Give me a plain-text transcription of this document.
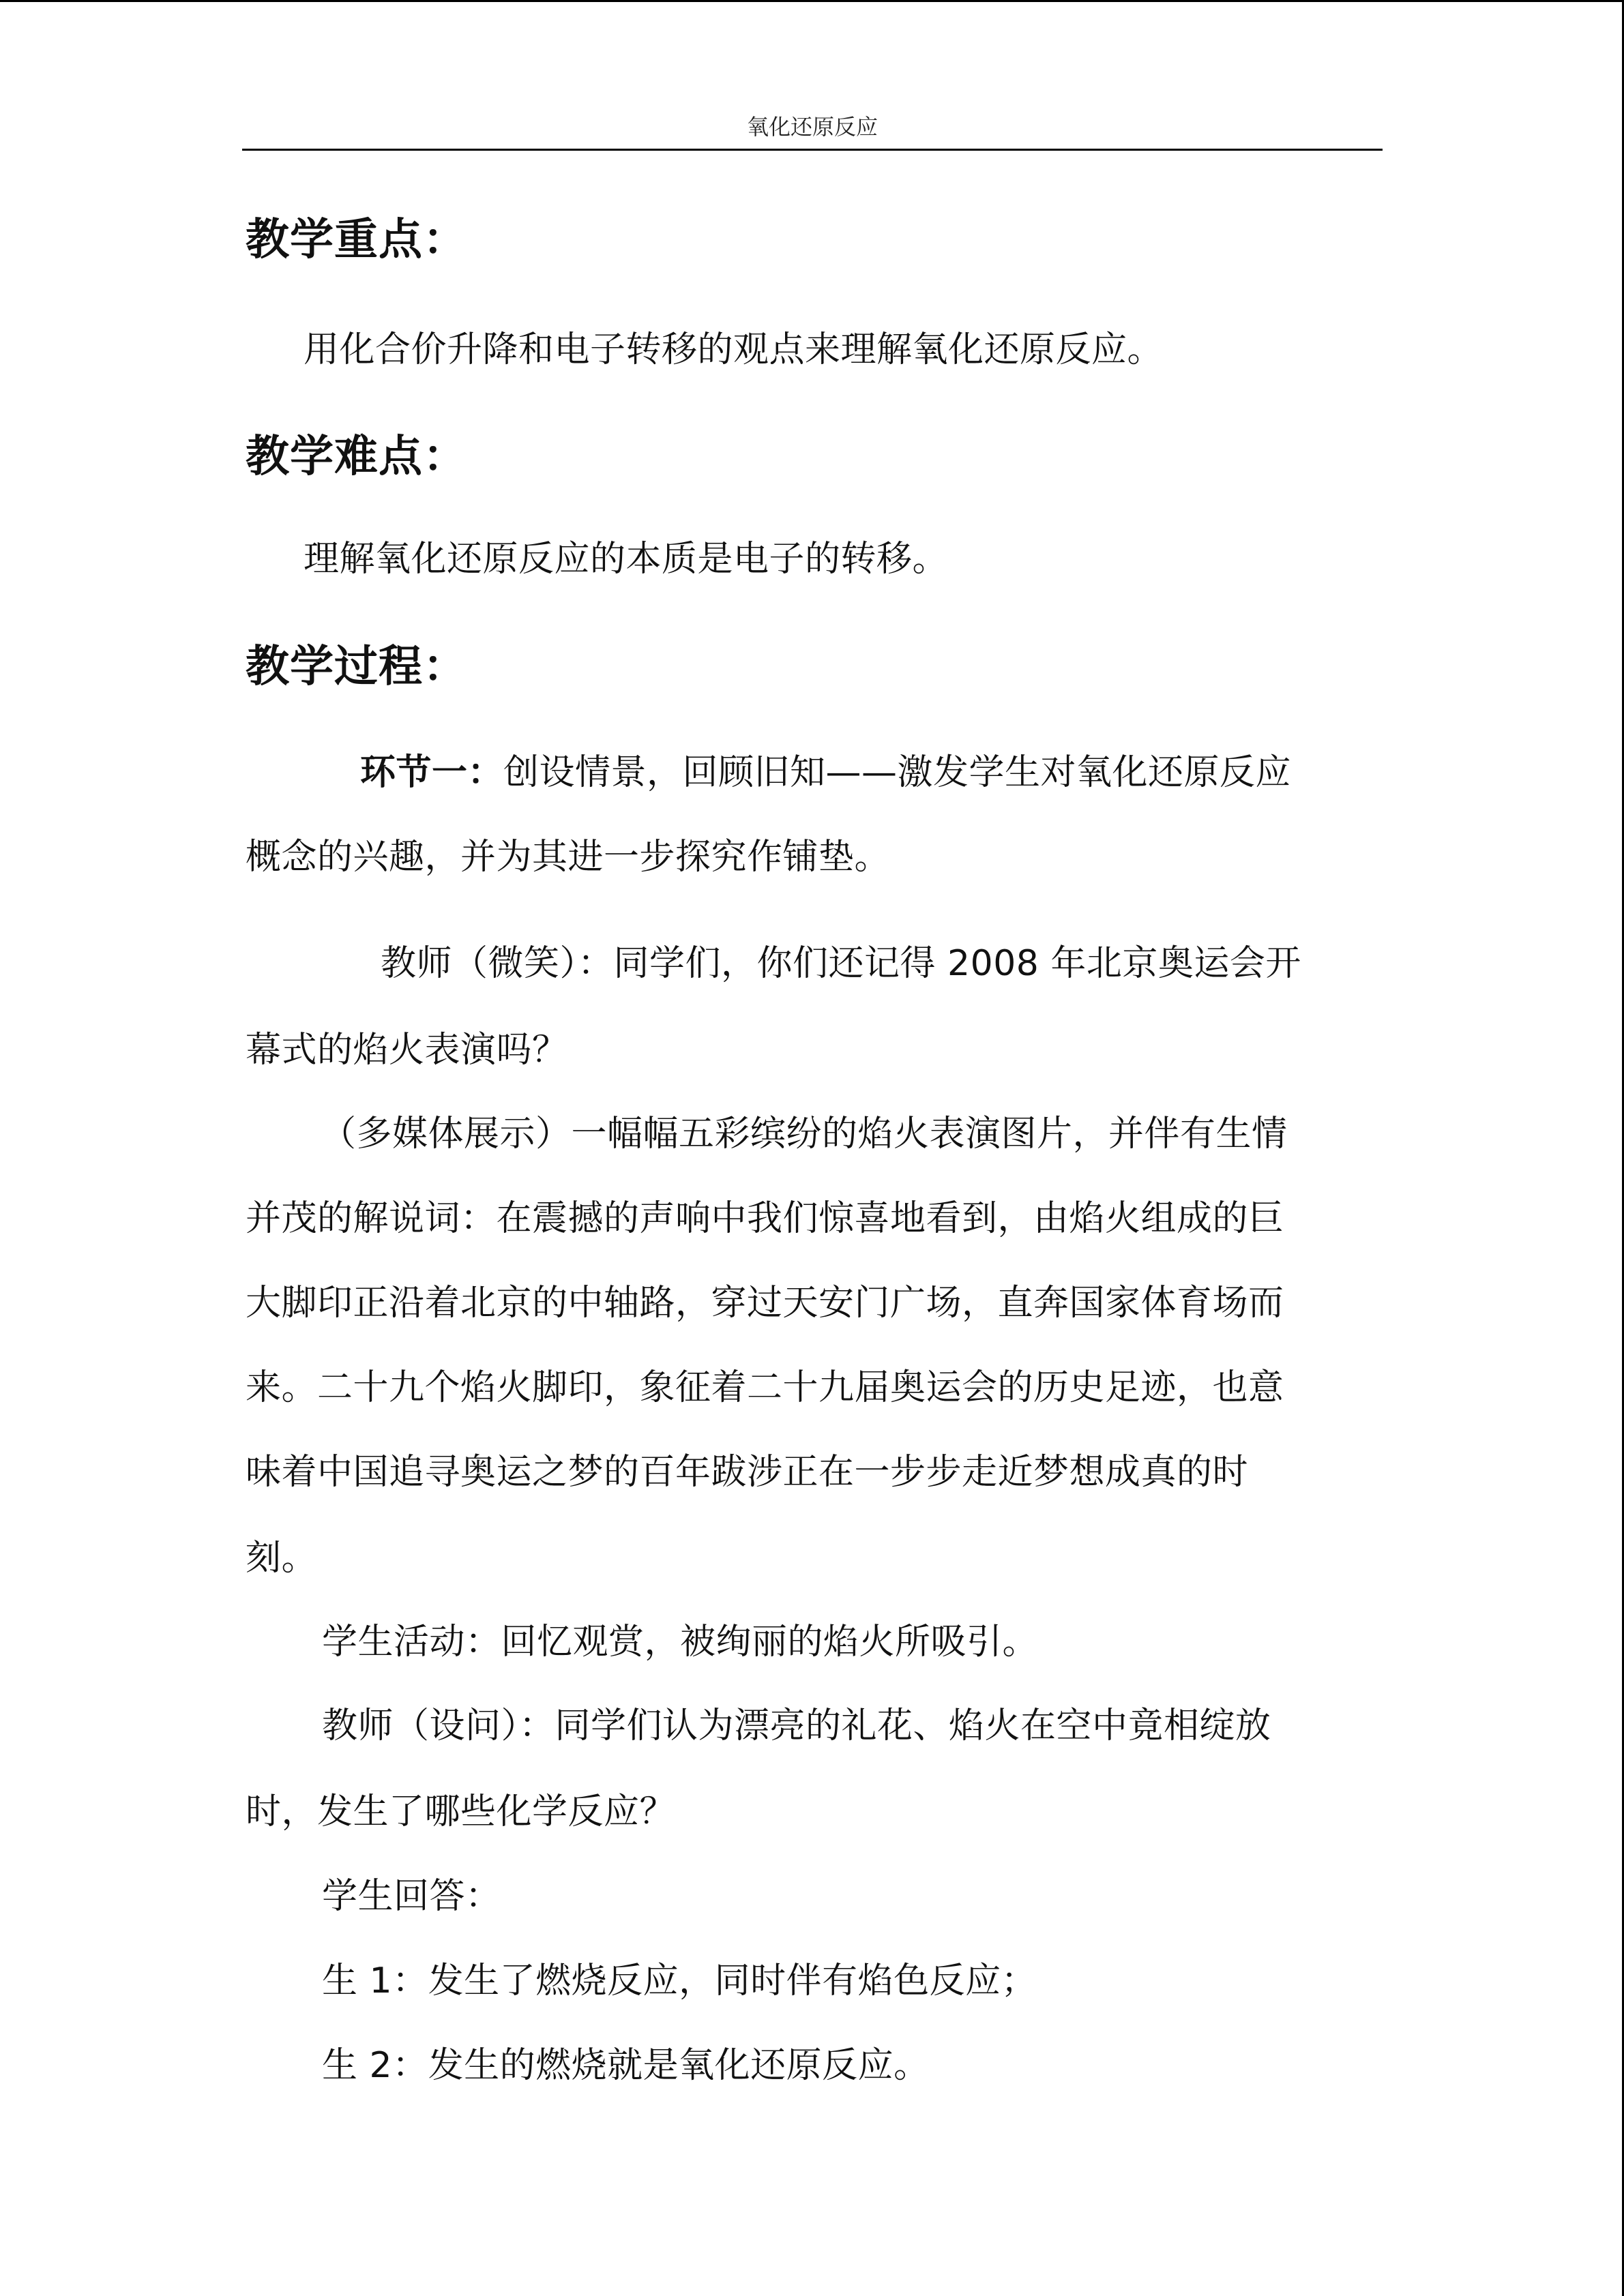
氧化还原反应
教学重点：
用化合价升降和电子转移的观点来理解氧化还原反应。
教学难点：
理解氧化还原反应的本质是电子的转移。
教学过程：
环节一：创设情景，回顾旧知——激发学生对氧化还原反应
概念的兴趣，并为其进一步探究作铺垫。
教师（微笑）：同学们，你们还记得 2008 年北京奥运会开
幕式的焰火表演吗？
（多媒体展示）一幅幅五彩缤纷的焰火表演图片，并伴有生情
并茂的解说词：在震撼的声响中我们惊喜地看到，由焰火组成的巨
大脚印正沿着北京的中轴路，穿过天安门广场，直奔国家体育场而
来。二十九个焰火脚印，象征着二十九届奥运会的历史足迹，也意
味着中国追寻奥运之梦的百年跋涉正在一步步走近梦想成真的时
刻。
学生活动：回忆观赏，被绚丽的焰火所吸引。
教师（设问）：同学们认为漂亮的礼花、焰火在空中竟相绽放
时，发生了哪些化学反应？
学生回答：
生 1：发生了燃烧反应，同时伴有焰色反应；
生 2：发生的燃烧就是氧化还原反应。
